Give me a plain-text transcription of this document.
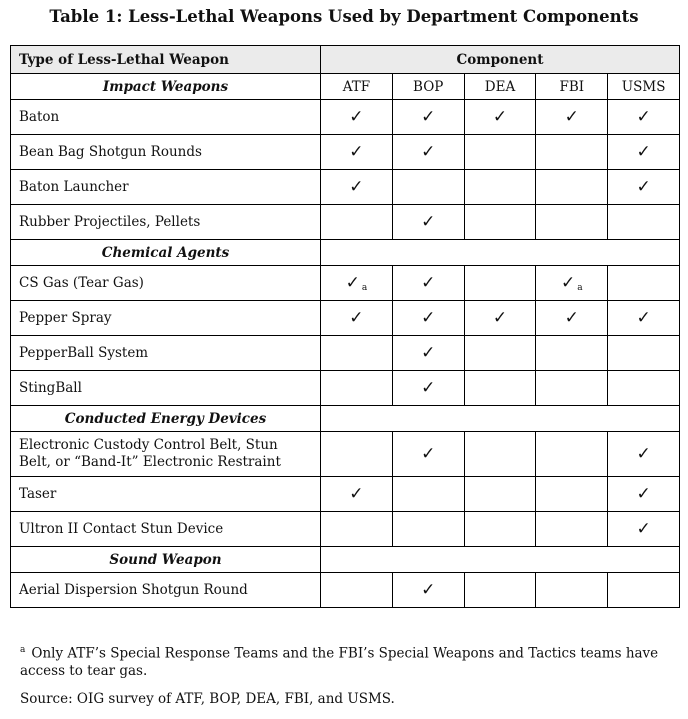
Table 1: Less-Lethal Weapons Used by Department Components
Type of Less-Lethal Weapon	Component				
Impact Weapons	ATF	BOP	DEA	FBI	USMS
Baton	✓	✓	✓	✓	✓
Bean Bag Shotgun Rounds	✓	✓			✓
Baton Launcher	✓				✓
Rubber Projectiles, Pellets		✓			
Chemical Agents					
CS Gas (Tear Gas)	✓ $_a$	✓		✓ $_a$	
Pepper Spray	✓	✓	✓	✓	✓
PepperBall System		✓			
StingBall		✓			
Conducted Energy Devices					
Electronic Custody Control Belt, Stun
Belt, or “Band-It” Electronic Restraint		✓			✓
Taser	✓				✓
Ultron II Contact Stun Device					✓
Sound Weapon					
Aerial Dispersion Shotgun Round		✓			
$^a$ Only ATF’s Special Response Teams and the FBI’s Special Weapons and Tactics teams have access to tear gas.
Source: OIG survey of ATF, BOP, DEA, FBI, and USMS.
